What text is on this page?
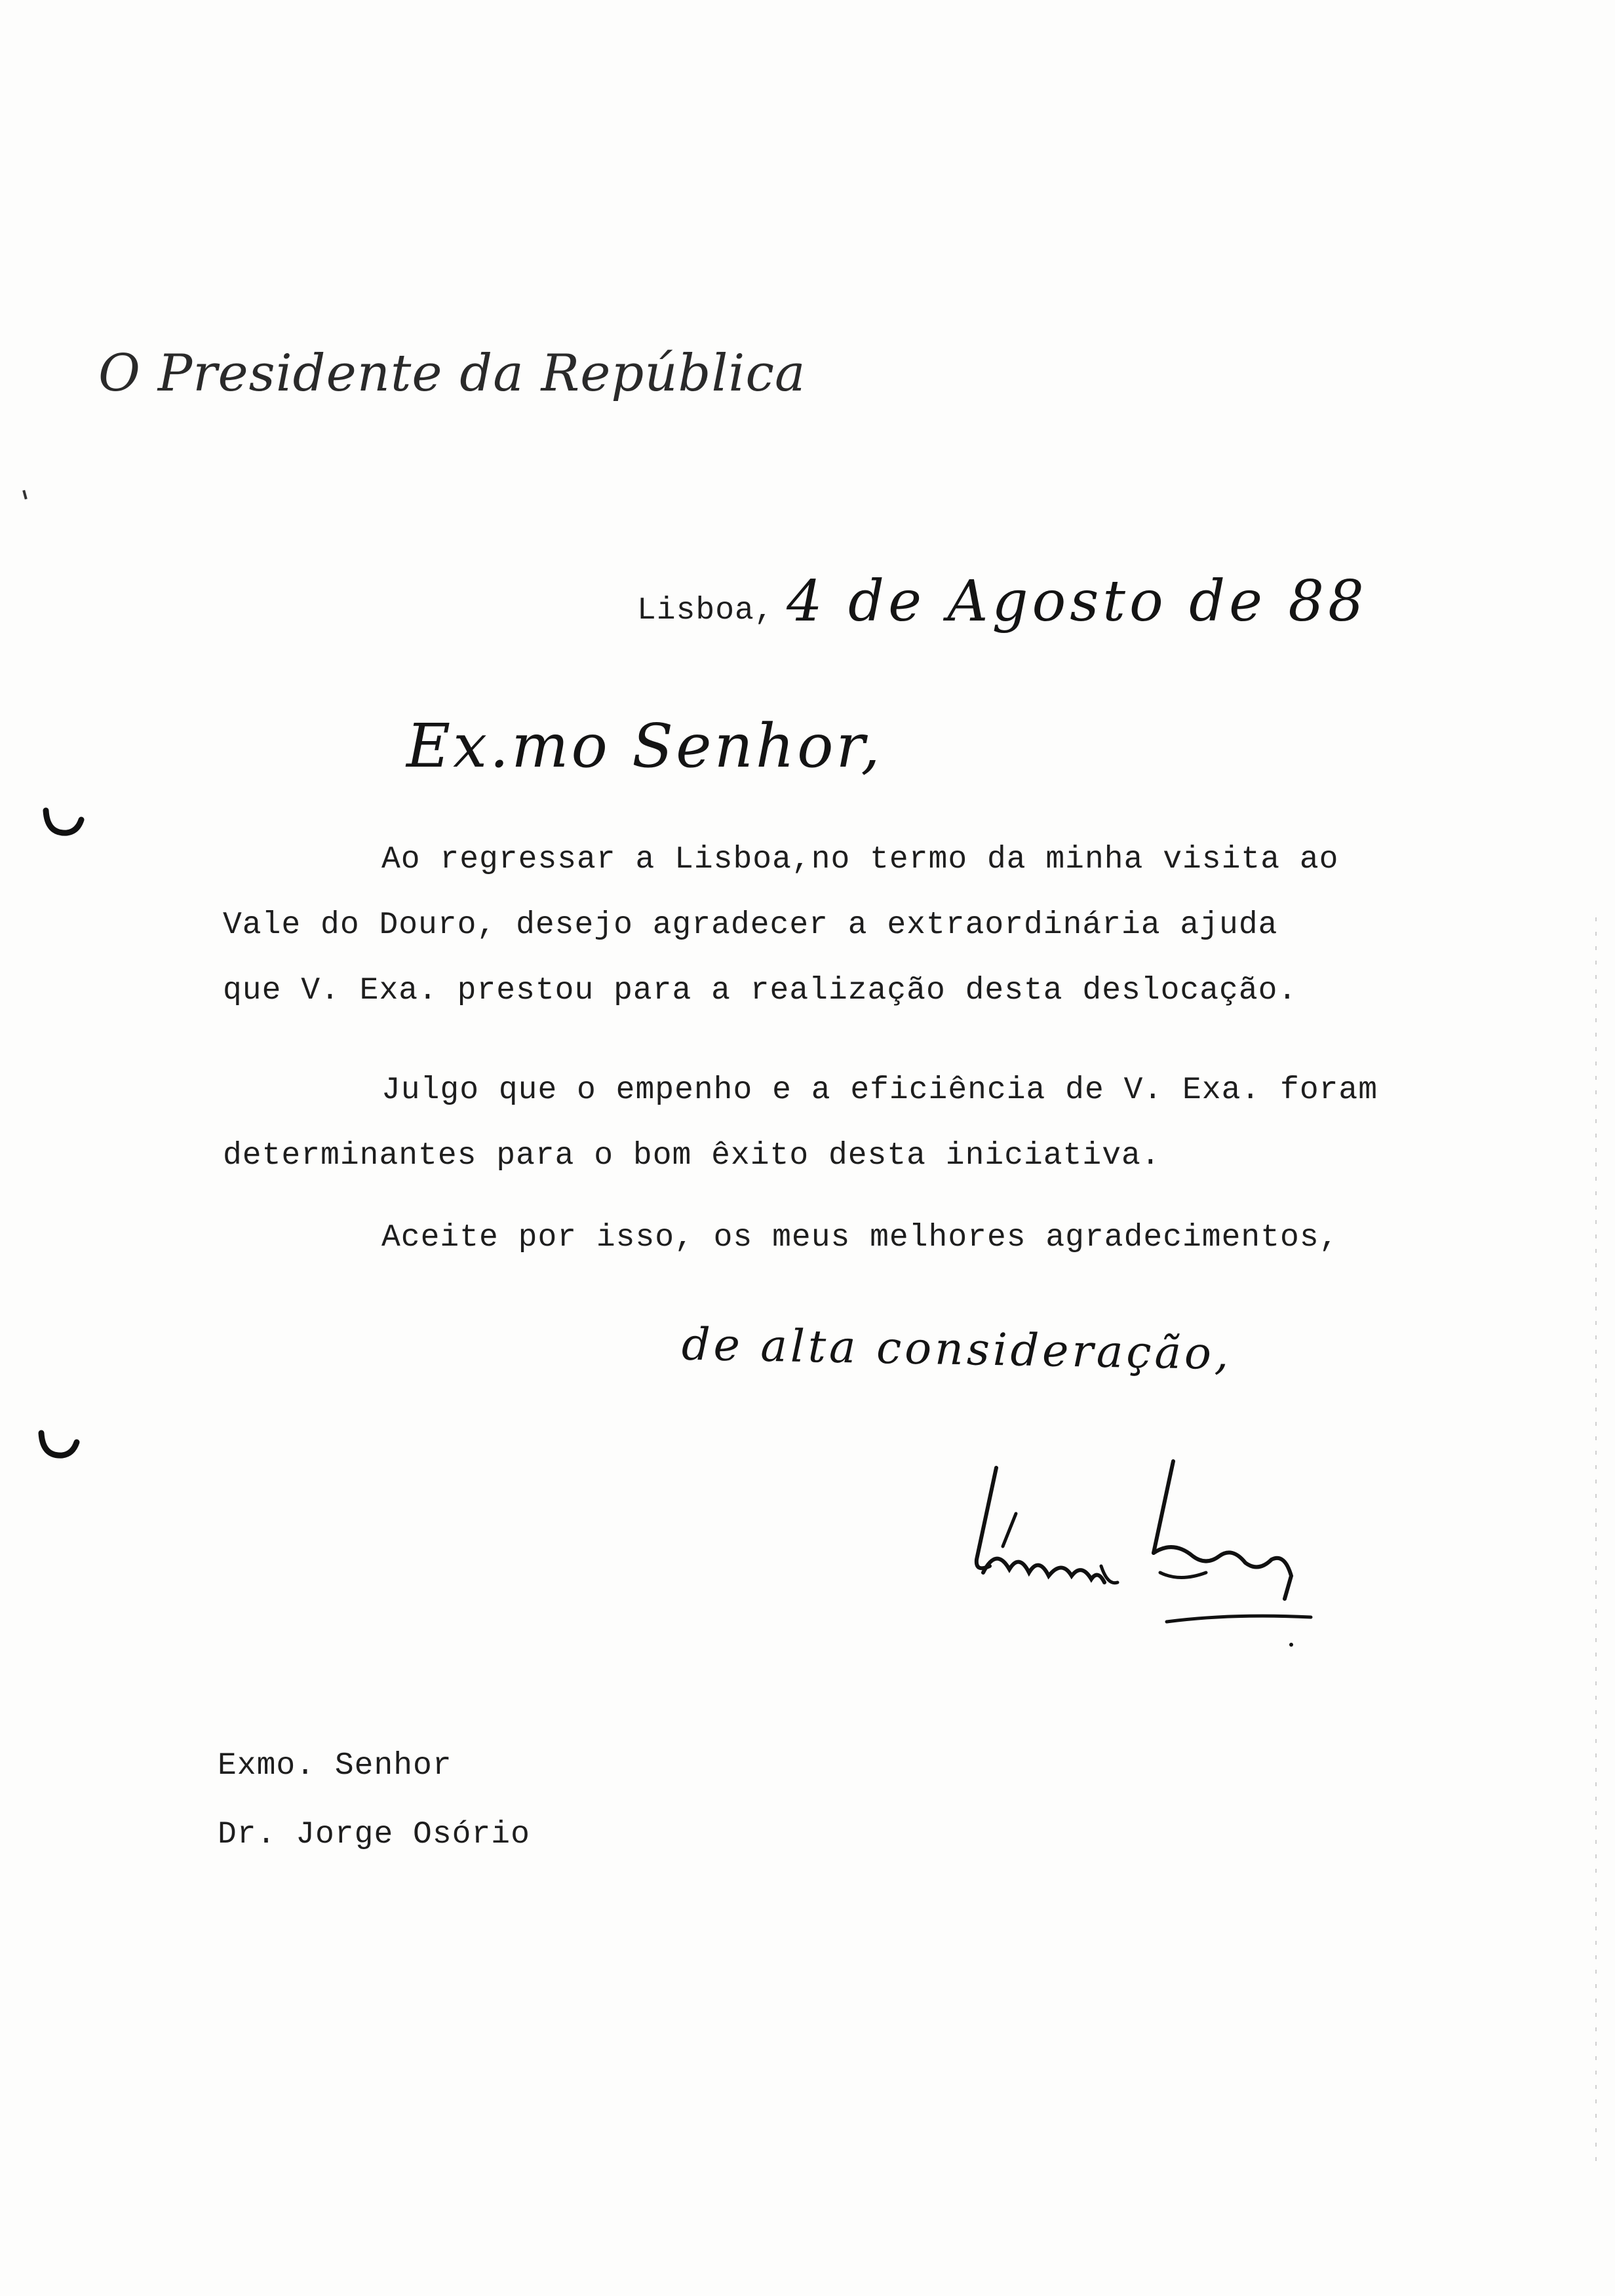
O Presidente da República
Lisboa, 4 de Agosto de 88
Ex.mo Senhor,
Ao regressar a Lisboa,no termo da minha visita ao
Vale do Douro, desejo agradecer a extraordinária ajuda
que V. Exa. prestou para a realização desta deslocação.
Julgo que o empenho e a eficiência de V. Exa. foram
determinantes para o bom êxito desta iniciativa.
Aceite por isso, os meus melhores agradecimentos,
de alta consideração,
Exmo. Senhor
Dr. Jorge Osório
